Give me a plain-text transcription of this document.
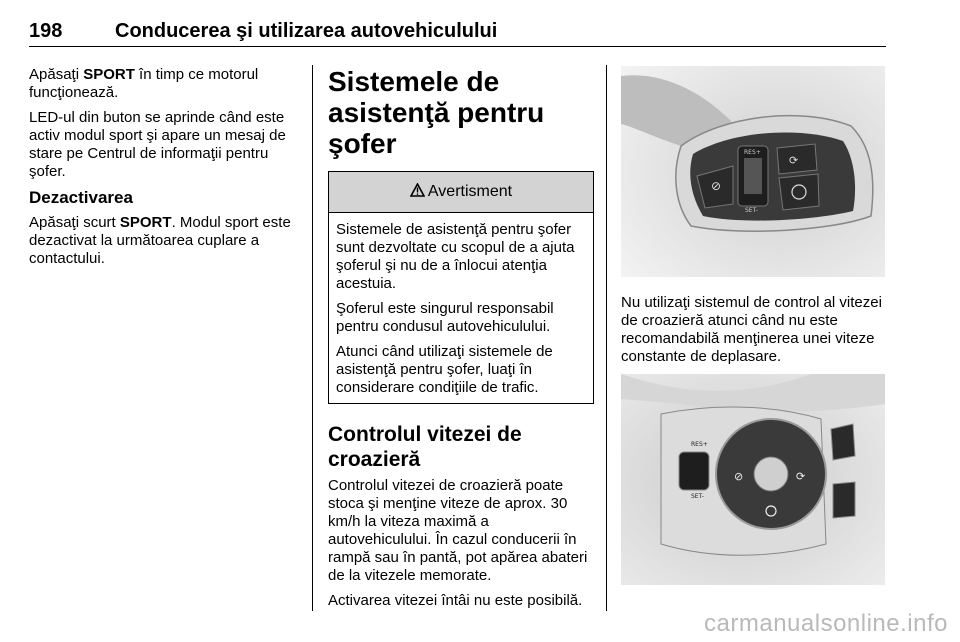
198	Conducerea şi utilizarea autovehiculului

Apăsaţi SPORT în timp ce motorul funcţionează.

LED-ul din buton se aprinde când este activ modul sport şi apare un mesaj de stare pe Centrul de informaţii pentru şofer.

Dezactivarea

Apăsaţi scurt SPORT. Modul sport este dezactivat la următoarea cuplare a contactului.

Sistemele de asistenţă pentru şofer
Avertisment

Sistemele de asistenţă pentru şofer sunt dezvoltate cu scopul de a ajuta şoferul şi nu de a înlocui atenţia acestuia.

Şoferul este singurul responsabil pentru condusul autovehiculului.

Atunci când utilizaţi sistemele de asistenţă pentru şofer, luaţi în considerare condiţiile de trafic.

Controlul vitezei de croazieră

Controlul vitezei de croazieră poate stoca şi menţine viteze de aprox. 30 km/h la viteza maximă a autovehiculului. În cazul conducerii în rampă sau în pantă, pot apărea abateri de la vitezele memorate.

Activarea vitezei întâi nu este posibilă.

⊘
RES+
SET-
⟳
Nu utilizaţi sistemul de control al vitezei de croazieră atunci când nu este recomandabilă menţinerea unei viteze constante de deplasare.
⊘	⟳
RES+
SET-
carmanualsonline.info
